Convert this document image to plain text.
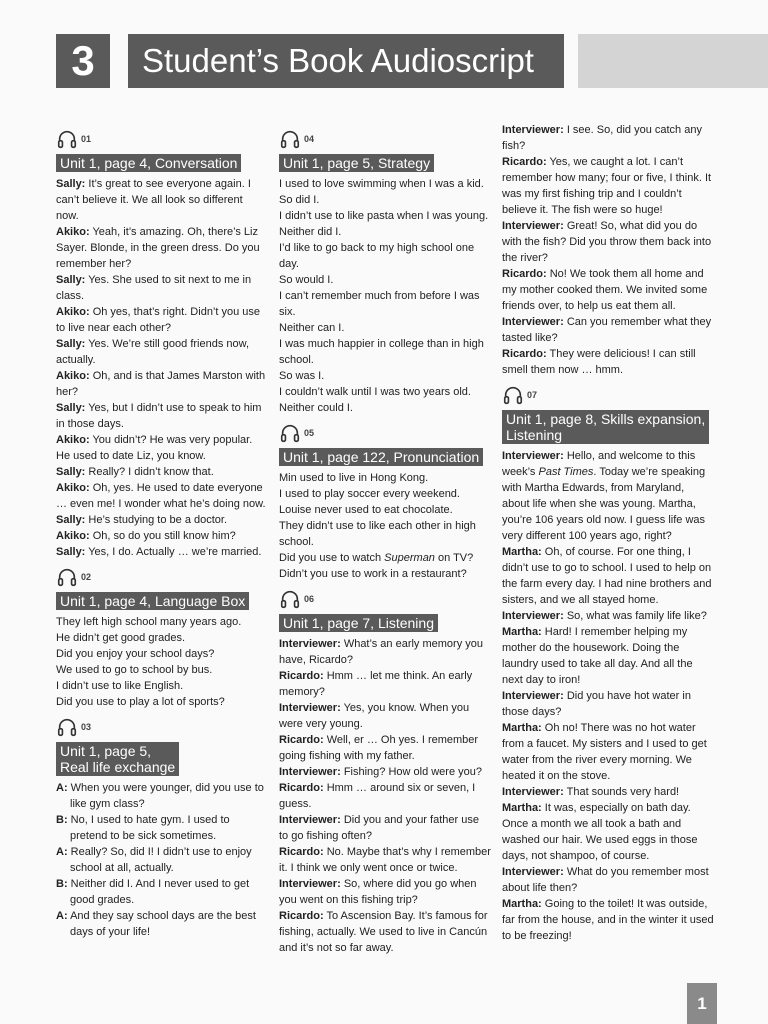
3	Student’s Book Audioscript
01
Unit 1, page 4, Conversation

Sally: It’s great to see everyone again. I can’t believe it. We all look so different now.

Akiko: Yeah, it’s amazing. Oh, there’s Liz Sayer. Blonde, in the green dress. Do you remember her?

Sally: Yes. She used to sit next to me in class.

Akiko: Oh yes, that’s right. Didn’t you use to live near each other?

Sally: Yes. We’re still good friends now, actually.

Akiko: Oh, and is that James Marston with her?

Sally: Yes, but I didn’t use to speak to him in those days.

Akiko: You didn’t? He was very popular. He used to date Liz, you know.

Sally: Really? I didn’t know that.

Akiko: Oh, yes. He used to date everyone … even me! I wonder what he’s doing now.

Sally: He’s studying to be a doctor.

Akiko: Oh, so do you still know him?

Sally: Yes, I do. Actually … we’re married.

02
Unit 1, page 4, Language Box

They left high school many years ago.

He didn’t get good grades.

Did you enjoy your school days?

We used to go to school by bus.

I didn’t use to like English.

Did you use to play a lot of sports?

03
Unit 1, page 5,
Real life exchange

A: When you were younger, did you use to like gym class?

B: No, I used to hate gym. I used to pretend to be sick sometimes.

A: Really? So, did I! I didn’t use to enjoy school at all, actually.

B: Neither did I. And I never used to get good grades.

A: And they say school days are the best days of your life!

04
Unit 1, page 5, Strategy

I used to love swimming when I was a kid.

So did I.

I didn’t use to like pasta when I was young.

Neither did I.

I’d like to go back to my high school one day.

So would I.

I can’t remember much from before I was six.

Neither can I.

I was much happier in college than in high school.

So was I.

I couldn’t walk until I was two years old.

Neither could I.

05
Unit 1, page 122, Pronunciation

Min used to live in Hong Kong.

I used to play soccer every weekend.

Louise never used to eat chocolate.

They didn’t use to like each other in high school.

Did you use to watch Superman on TV?

Didn’t you use to work in a restaurant?

06
Unit 1, page 7, Listening

Interviewer: What’s an early memory you have, Ricardo?

Ricardo: Hmm … let me think. An early memory?

Interviewer: Yes, you know. When you were very young.

Ricardo: Well, er … Oh yes. I remember going fishing with my father.

Interviewer: Fishing? How old were you?

Ricardo: Hmm … around six or seven, I guess.

Interviewer: Did you and your father use to go fishing often?

Ricardo: No. Maybe that’s why I remember it. I think we only went once or twice.

Interviewer: So, where did you go when you went on this fishing trip?

Ricardo: To Ascension Bay. It’s famous for fishing, actually. We used to live in Cancún and it’s not so far away.

Interviewer: I see. So, did you catch any fish?

Ricardo: Yes, we caught a lot. I can’t remember how many; four or five, I think. It was my first fishing trip and I couldn’t believe it. The fish were so huge!

Interviewer: Great! So, what did you do with the fish? Did you throw them back into the river?

Ricardo: No! We took them all home and my mother cooked them. We invited some friends over, to help us eat them all.

Interviewer: Can you remember what they tasted like?

Ricardo: They were delicious! I can still smell them now … hmm.

07
Unit 1, page 8, Skills expansion,
Listening

Interviewer: Hello, and welcome to this week’s Past Times. Today we’re speaking with Martha Edwards, from Maryland, about life when she was young. Martha, you’re 106 years old now. I guess life was very different 100 years ago, right?

Martha: Oh, of course. For one thing, I didn’t use to go to school. I used to help on the farm every day. I had nine brothers and sisters, and we all stayed home.

Interviewer: So, what was family life like?

Martha: Hard! I remember helping my mother do the housework. Doing the laundry used to take all day. And all the next day to iron!

Interviewer: Did you have hot water in those days?

Martha: Oh no! There was no hot water from a faucet. My sisters and I used to get water from the river every morning. We heated it on the stove.

Interviewer: That sounds very hard!

Martha: It was, especially on bath day. Once a month we all took a bath and washed our hair. We used eggs in those days, not shampoo, of course.

Interviewer: What do you remember most about life then?

Martha: Going to the toilet! It was outside, far from the house, and in the winter it used to be freezing!

1
